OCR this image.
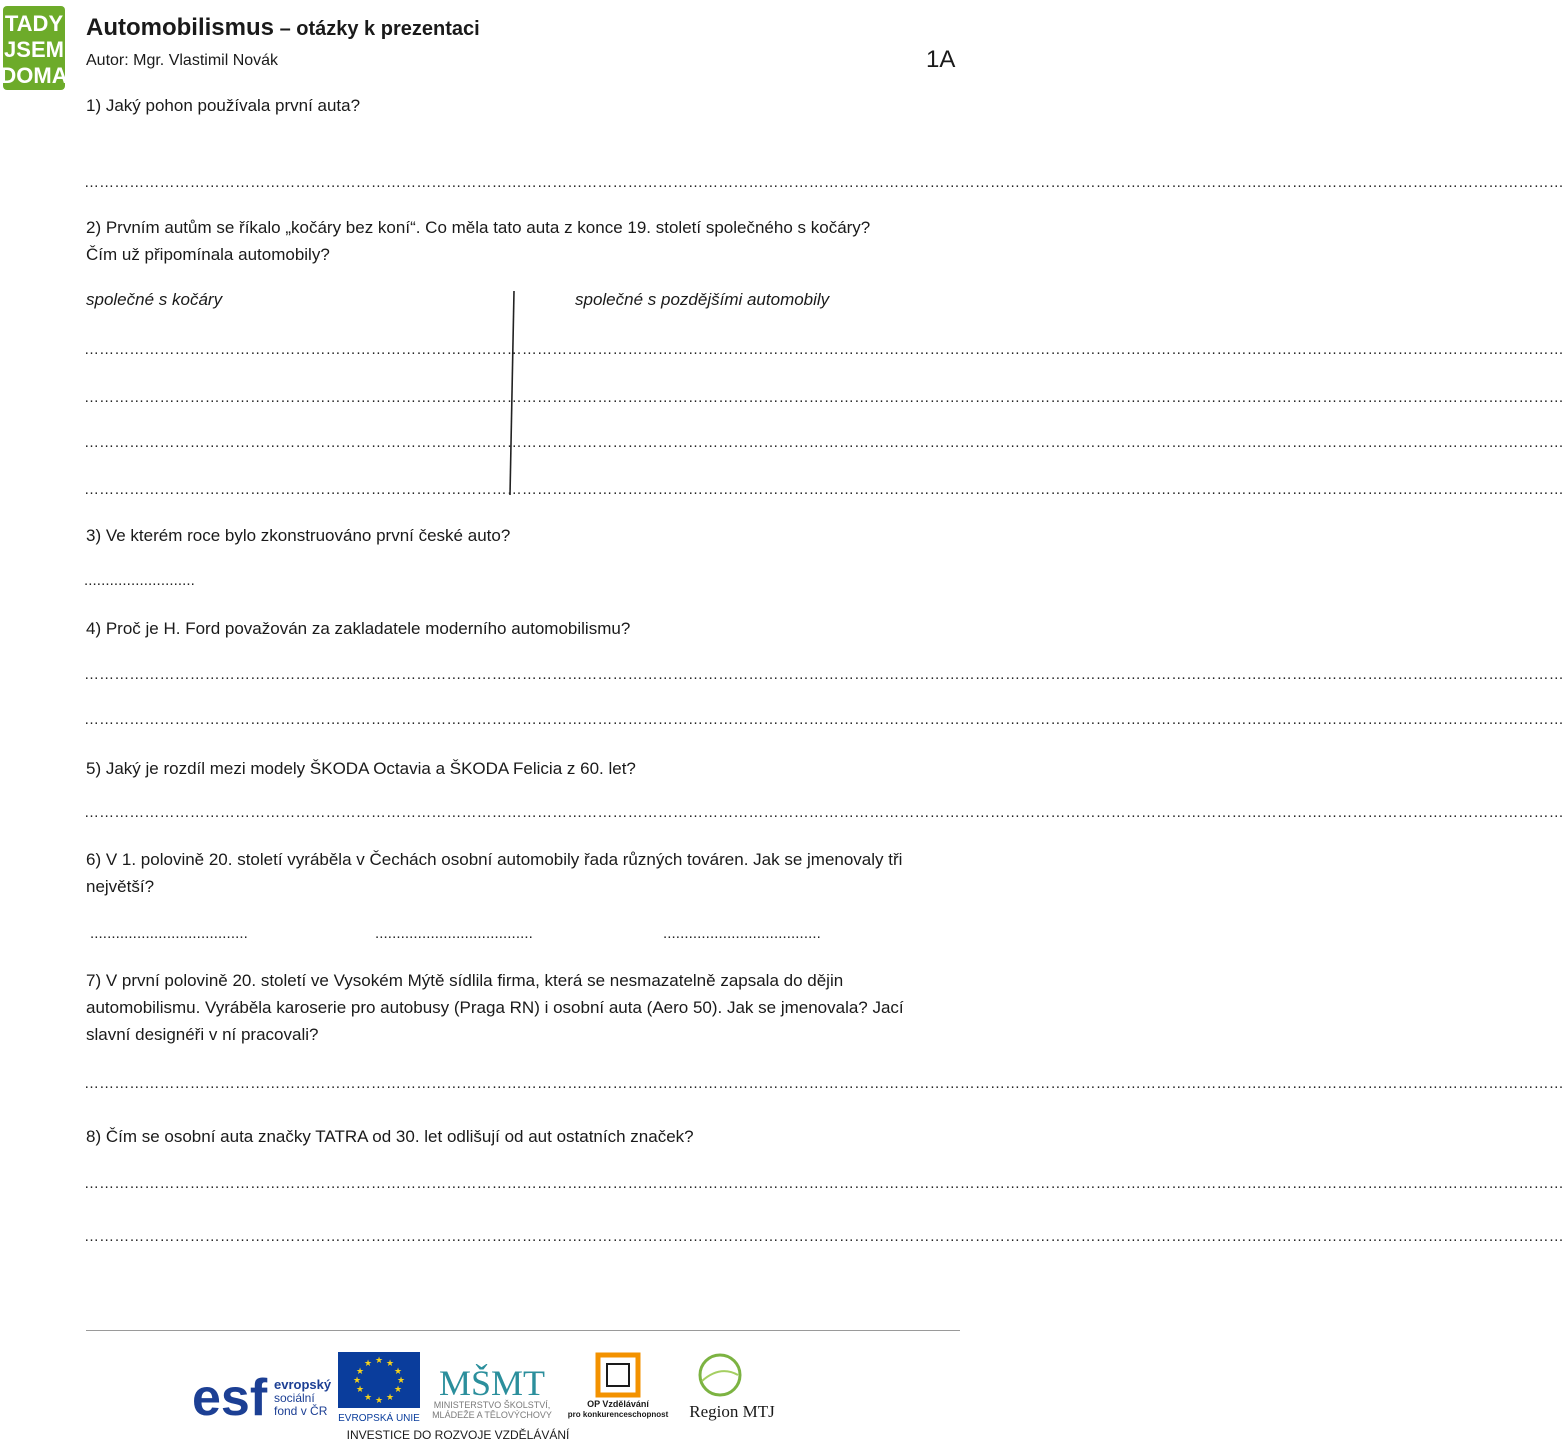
TADY
JSEM
DOMA
Automobilismus – otázky k prezentaci
Autor: Mgr. Vlastimil Novák	1A
1) Jaký pohon používala první auta?
……………………………………………………………………………………………………………………………………………………………………………………………………………………………………………………………………
2) Prvním autům se říkalo „kočáry bez koní“. Co měla tato auta z konce 19. století společného s kočáry?
Čím už připomínala automobily?
společné s kočáry	společné s pozdějšími automobily
……………………………………………………………………………………………………………………………………………………………………………………………………………………………………………………………………
……………………………………………………………………………………………………………………………………………………………………………………………………………………………………………………………………
……………………………………………………………………………………………………………………………………………………………………………………………………………………………………………………………………
……………………………………………………………………………………………………………………………………………………………………………………………………………………………………………………………………
3) Ve kterém roce bylo zkonstruováno první české auto?
..........................
4) Proč je H. Ford považován za zakladatele moderního automobilismu?
……………………………………………………………………………………………………………………………………………………………………………………………………………………………………………………………………
……………………………………………………………………………………………………………………………………………………………………………………………………………………………………………………………………
5) Jaký je rozdíl mezi modely ŠKODA Octavia a ŠKODA Felicia z 60. let?
……………………………………………………………………………………………………………………………………………………………………………………………………………………………………………………………………
6) V 1. polovině 20. století vyráběla v Čechách osobní automobily řada různých továren. Jak se jmenovaly tři největší?
.....................................	.....................................	.....................................
7) V první polovině 20. století ve Vysokém Mýtě sídlila firma, která se nesmazatelně zapsala do dějin automobilismu. Vyráběla karoserie pro autobusy (Praga RN) i osobní auta (Aero 50). Jak se jmenovala? Jací slavní designéři v ní pracovali?
……………………………………………………………………………………………………………………………………………………………………………………………………………………………………………………………………
8) Čím se osobní auta značky TATRA od 30. let odlišují od aut ostatních značek?
……………………………………………………………………………………………………………………………………………………………………………………………………………………………………………………………………
……………………………………………………………………………………………………………………………………………………………………………………………………………………………………………………………………
esf evropský
sociální
fond v ČR
★ ★
★
★
★
★
★
★
★
★
★
★
EVROPSKÁ UNIE
MŠMT
MINISTERSTVO ŠKOLSTVÍ,
MLÁDEŽE A TĚLOVÝCHOVY
OP Vzdělávání
pro konkurenceschopnost Region MTJ
INVESTICE DO ROZVOJE VZDĚLÁVÁNÍ
